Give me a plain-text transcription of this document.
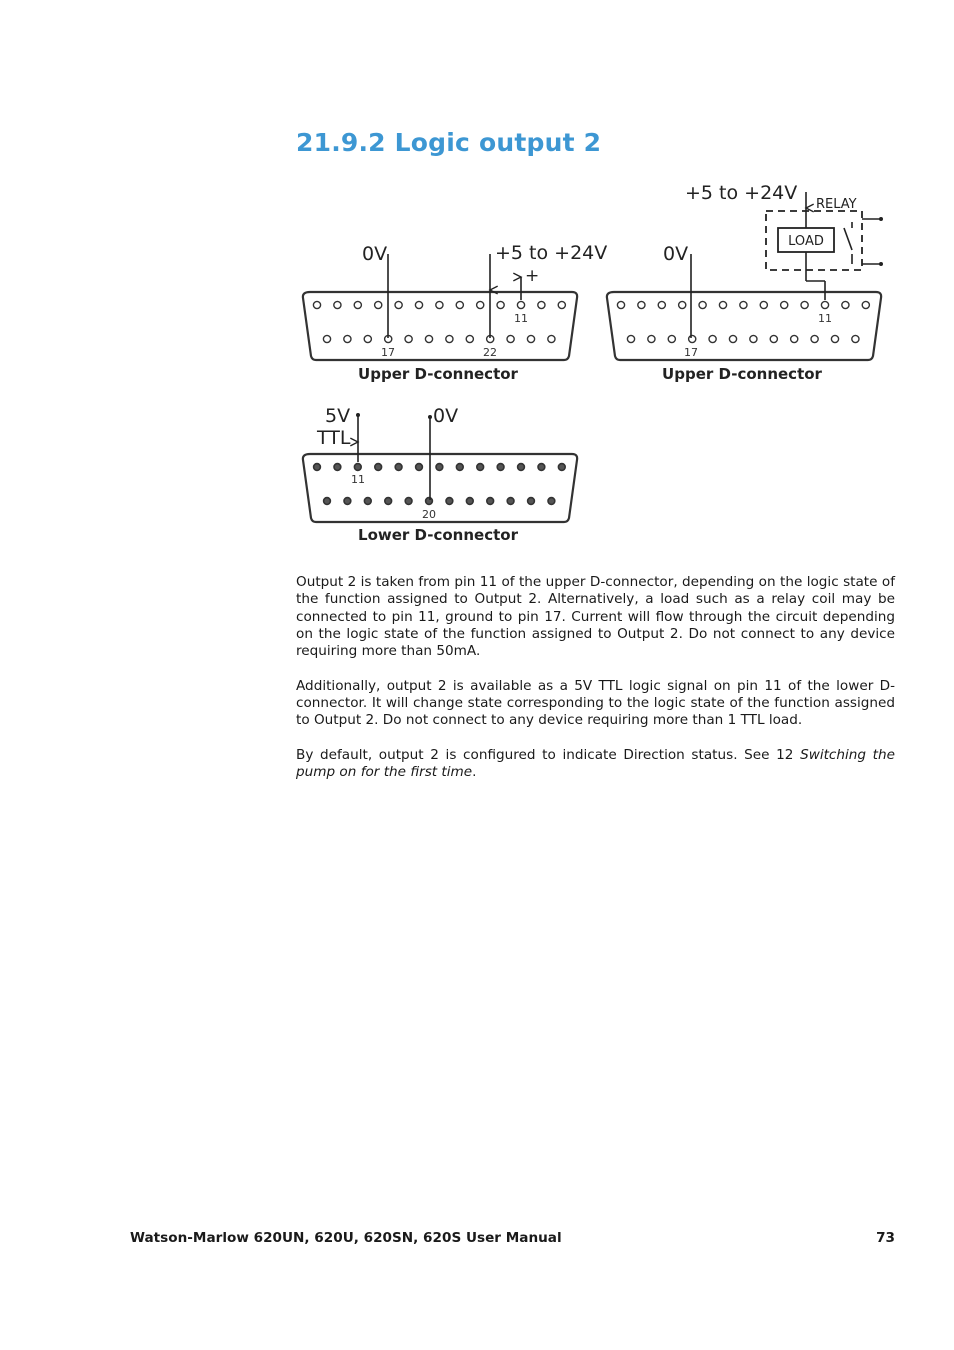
21.9.2 Logic output 2
0V	+5 to +24V
+
11
17	22
Upper D-connector
+5 to +24V
RELAY
LOAD
0V
11
17
Upper D-connector
5V
TTL
0V
11
20
Lower D-connector

Output 2 is taken from pin 11 of the upper D-connector, depending on the logic state of the function assigned to Output 2. Alternatively, a load such as a relay coil may be connected to pin 11, ground to pin 17. Current will flow through the circuit depending on the logic state of the function assigned to Output 2. Do not connect to any device requiring more than 50mA.

Additionally, output 2 is available as a 5V TTL logic signal on pin 11 of the lower D-connector. It will change state corresponding to the logic state of the function assigned to Output 2. Do not connect to any device requiring more than 1 TTL load.

By default, output 2 is configured to indicate Direction status. See 12 Switching the pump on for the first time.

Watson-Marlow 620UN, 620U, 620SN, 620S User Manual	73
